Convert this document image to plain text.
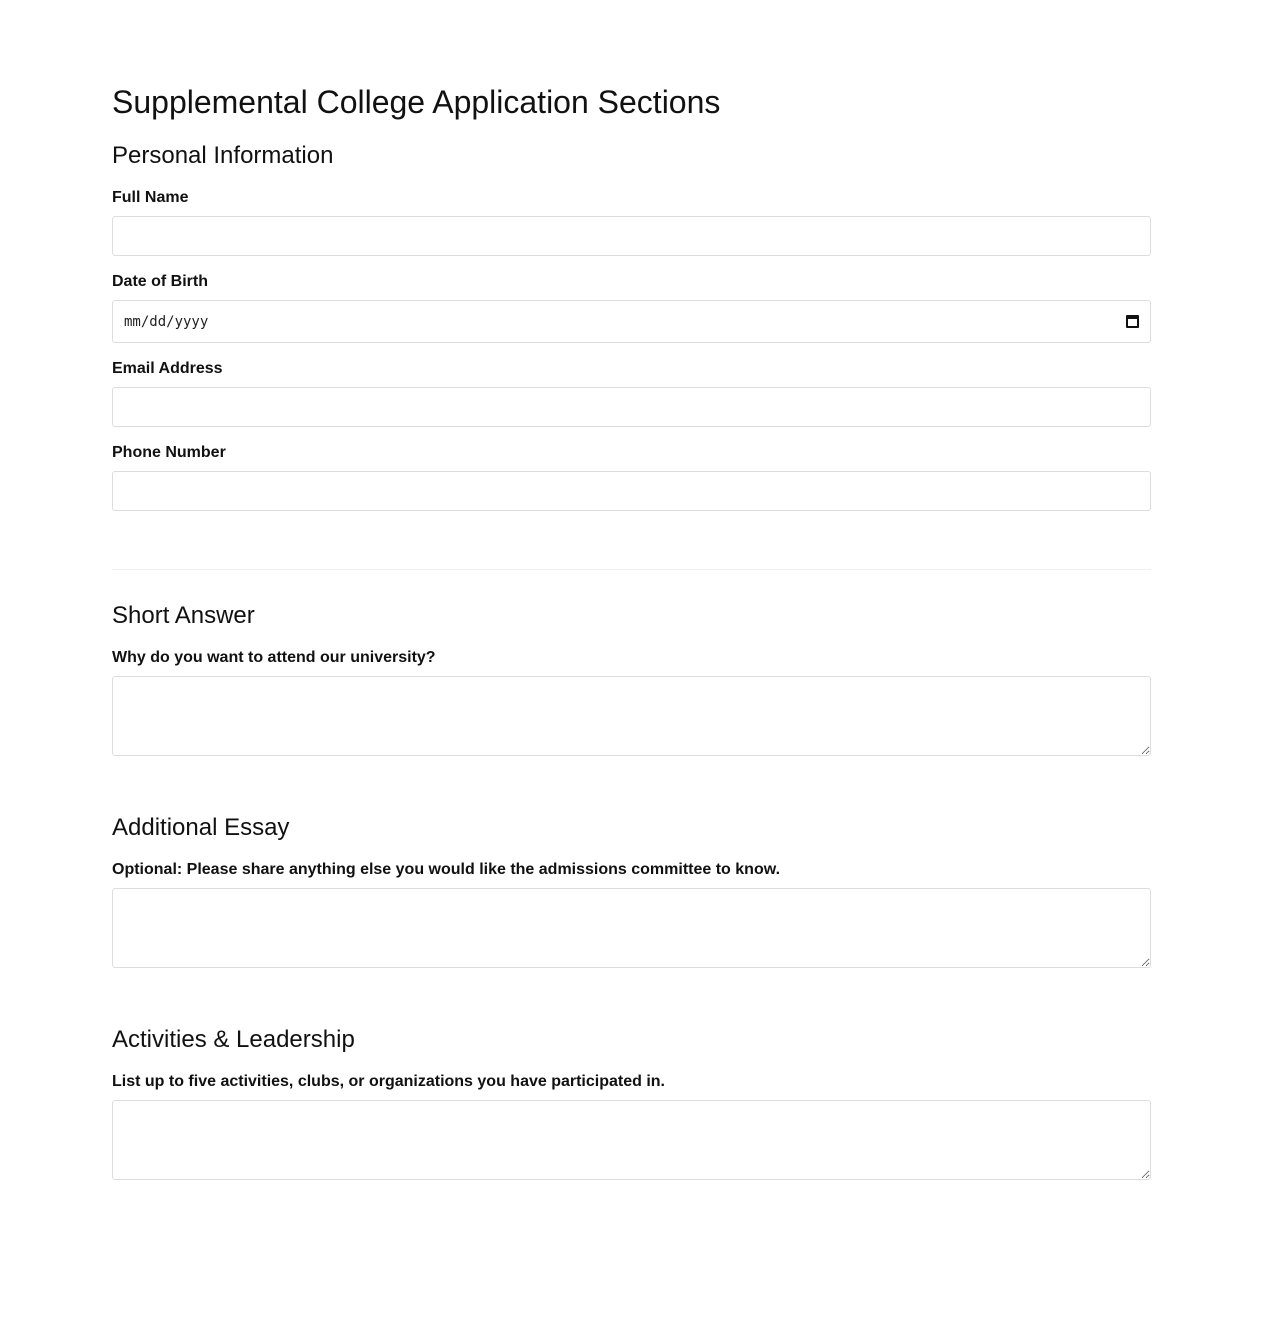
Supplemental College Application Sections
Personal Information
Full Name
Date of Birth
mm/dd/yyyy
Email Address
Phone Number
Short Answer
Why do you want to attend our university?
Additional Essay
Optional: Please share anything else you would like the admissions committee to know.
Activities & Leadership
List up to five activities, clubs, or organizations you have participated in.
